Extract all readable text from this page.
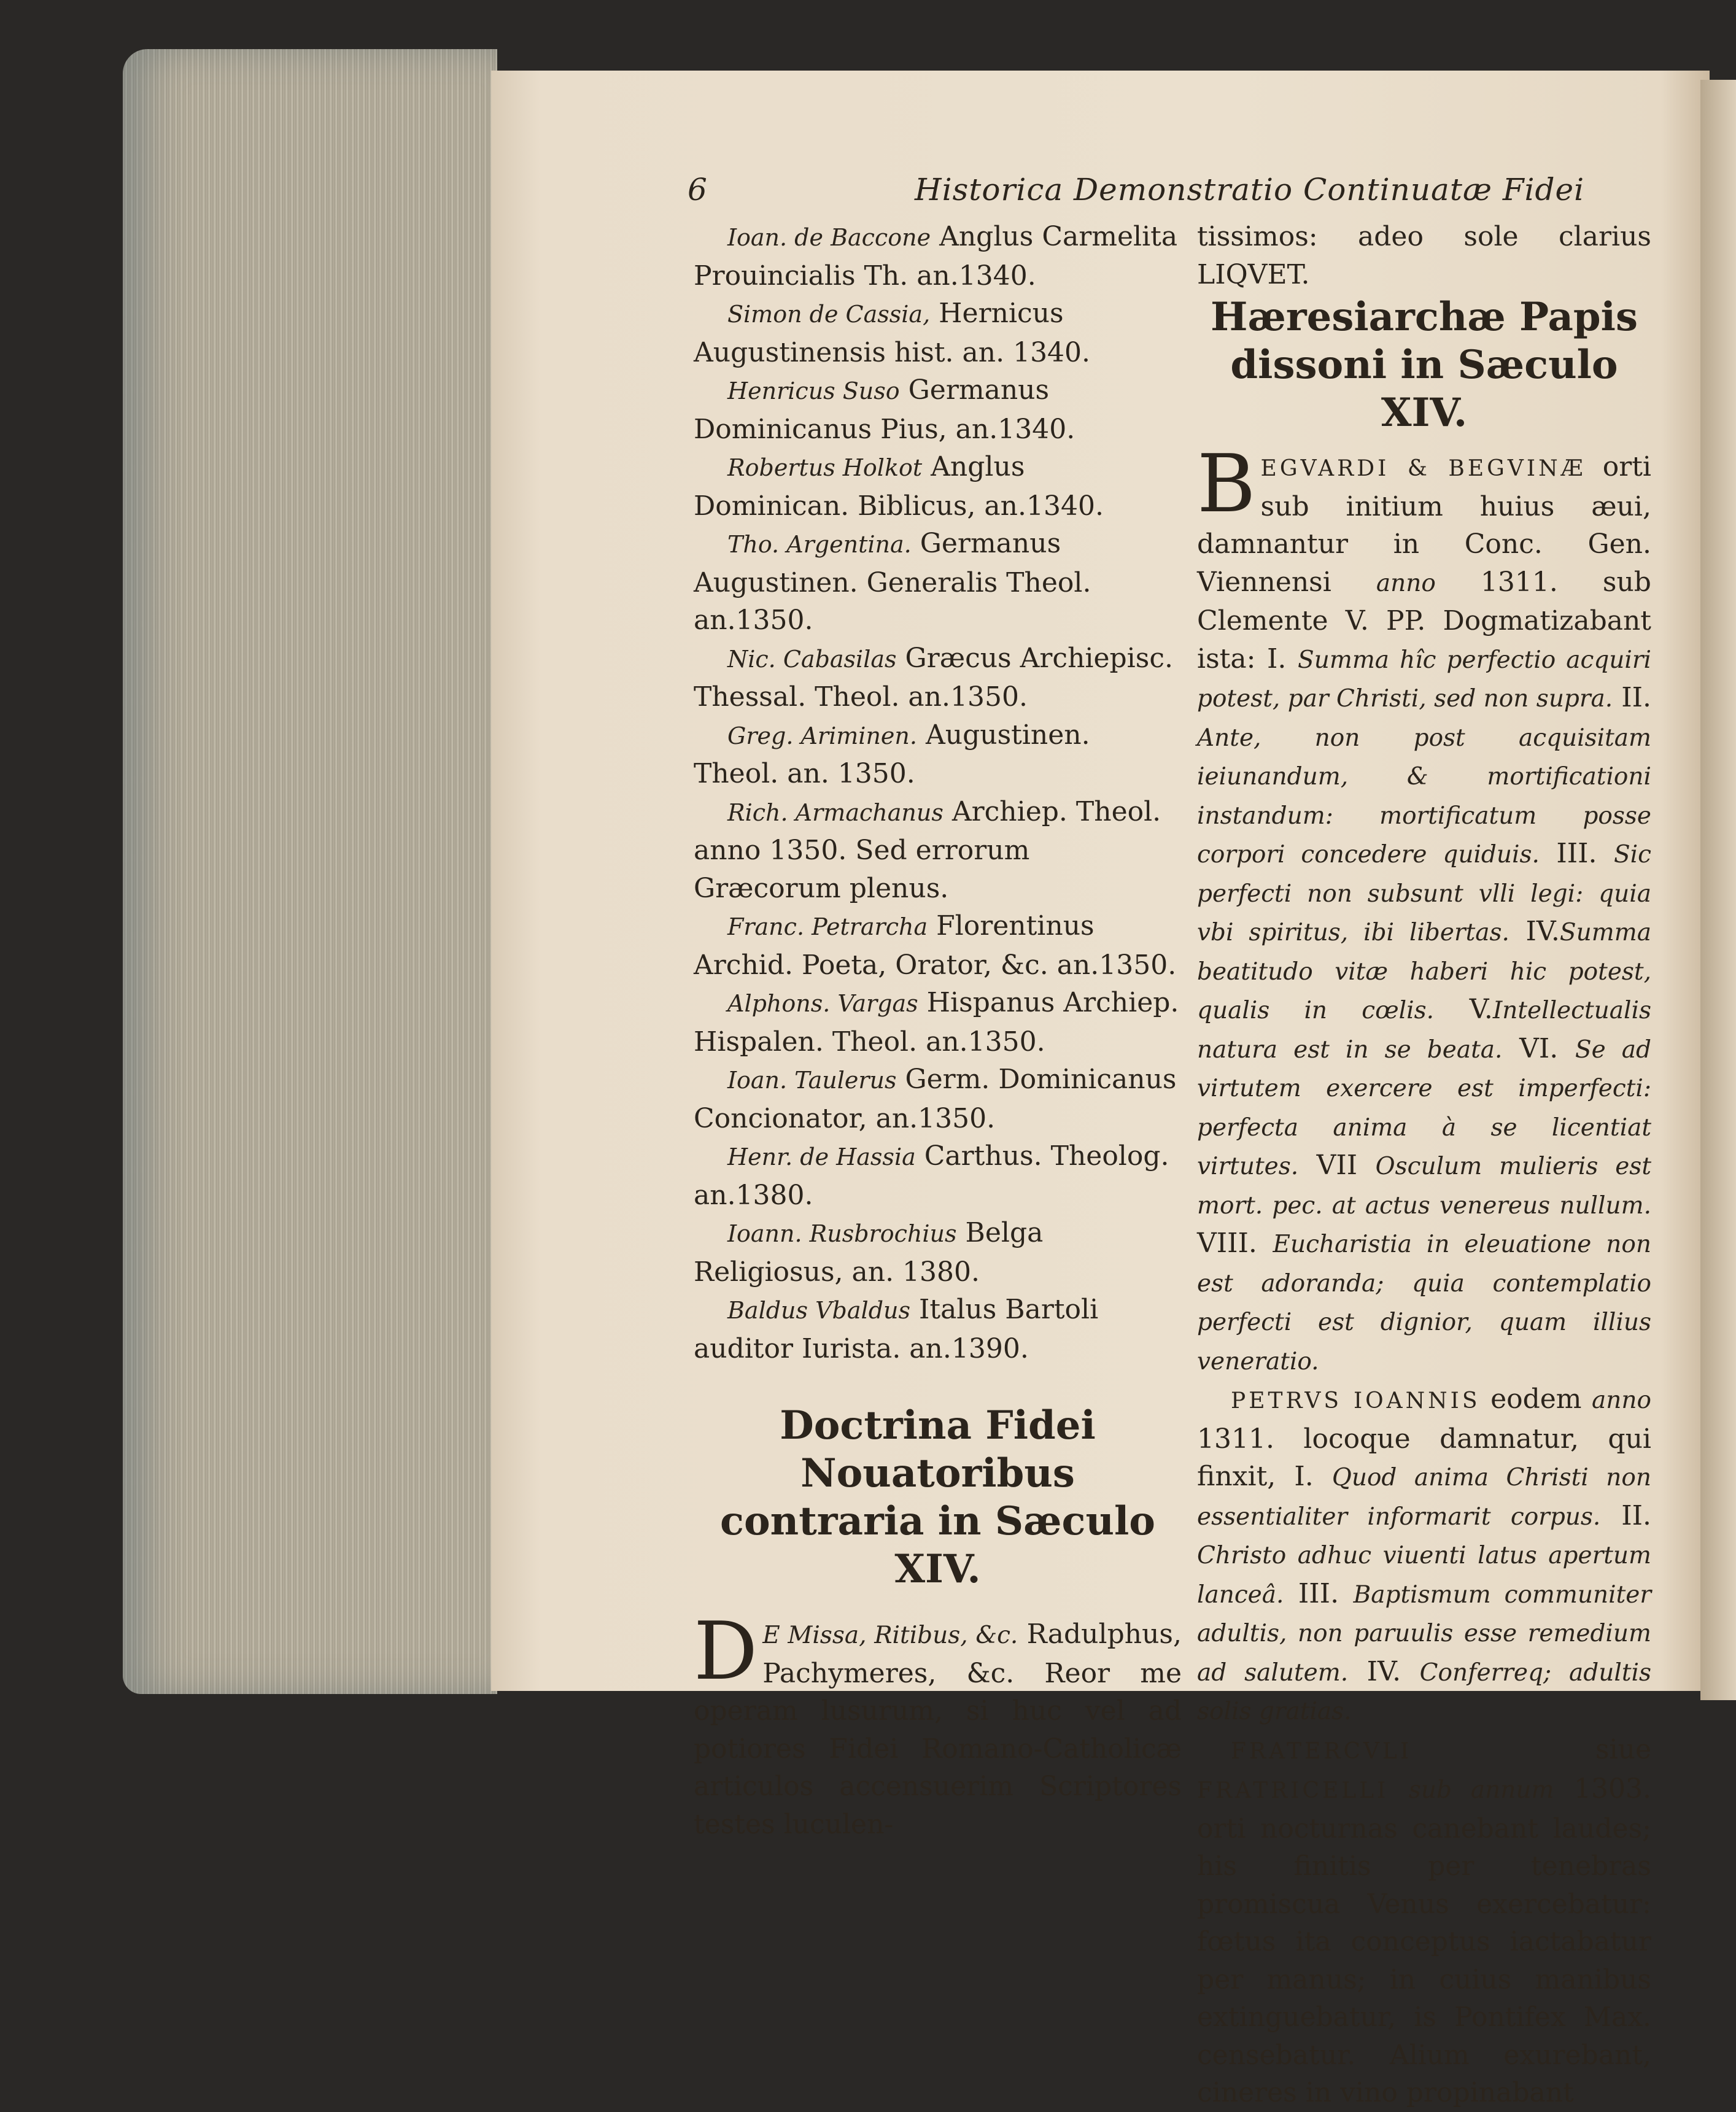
6	Historica Demonstratio Continuatæ Fidei

Ioan. de Baccone Anglus Carmelita Prouincialis Th. an.1340.

Simon de Cassia, Hernicus Augustinensis hist. an. 1340.

Henricus Suso Germanus Dominicanus Pius, an.1340.

Robertus Holkot Anglus Dominican. Biblicus, an.1340.

Tho. Argentina. Germanus Augustinen. Generalis Theol. an.1350.

Nic. Cabasilas Græcus Archiepisc. Thessal. Theol. an.1350.

Greg. Ariminen. Augustinen. Theol. an. 1350.

Rich. Armachanus Archiep. Theol. anno 1350. Sed errorum Græcorum plenus.

Franc. Petrarcha Florentinus Archid. Poeta, Orator, &c. an.1350.

Alphons. Vargas Hispanus Archiep. Hispalen. Theol. an.1350.

Ioan. Taulerus Germ. Dominicanus Concionator, an.1350.

Henr. de Hassia Carthus. Theolog. an.1380.

Ioann. Rusbrochius Belga Religiosus, an. 1380.

Baldus Vbaldus Italus Bartoli auditor Iurista. an.1390.

Doctrina Fidei Nouatoribus contraria in Sæculo XIV.

D E Missa, Ritibus, &c. Radulphus, Pachymeres, &c. Reor me operam lusurum, si huc vel ad potiores Fidei Romano-Catholicæ articulos accensuerim Scriptores testes luculen-

tissimos: adeo sole clarius LIQVET.

Hæresiarchæ Papis dissoni in Sæculo XIV.

BEGVARDI & BEGVINÆ orti sub initium huius æui, damnantur in Conc. Gen. Viennensi anno 1311. sub Clemente V. PP. Dogmatizabant ista: I. Summa hîc perfectio acquiri potest, par Christi, sed non supra. II. Ante, non post acquisitam ieiunandum, & mortificationi instandum: mortificatum posse corpori concedere quiduis. III. Sic perfecti non subsunt vlli legi: quia vbi spiritus, ibi libertas. IV.Summa beatitudo vitæ haberi hic potest, qualis in cœlis. V.Intellectualis natura est in se beata. VI. Se ad virtutem exercere est imperfecti: perfecta anima à se licentiat virtutes. VII Osculum mulieris est mort. pec. at actus venereus nullum. VIII. Eucharistia in eleuatione non est adoranda; quia contemplatio perfecti est dignior, quam illius veneratio.

PETRVS IOANNIS eodem anno 1311. locoque damnatur, qui finxit, I. Quod anima Christi non essentialiter informarit corpus. II. Christo adhuc viuenti latus apertum lanceâ. III. Baptismum communiter adultis, non paruulis esse remedium ad salutem. IV. Conferreq; adultis solis gratias.

FRATERCVLI	siue FRATRICELLI sub annum 1303. orti nocturnas canebant laudes; his finitis per tenebras promiscua Venus exercebatur: fœtus ita conceptus iactabatur per manus; in cuius manibus extinguebatur, is Pontifex Max. censebatur. Alium exurebant, cineres in vino propinabant
